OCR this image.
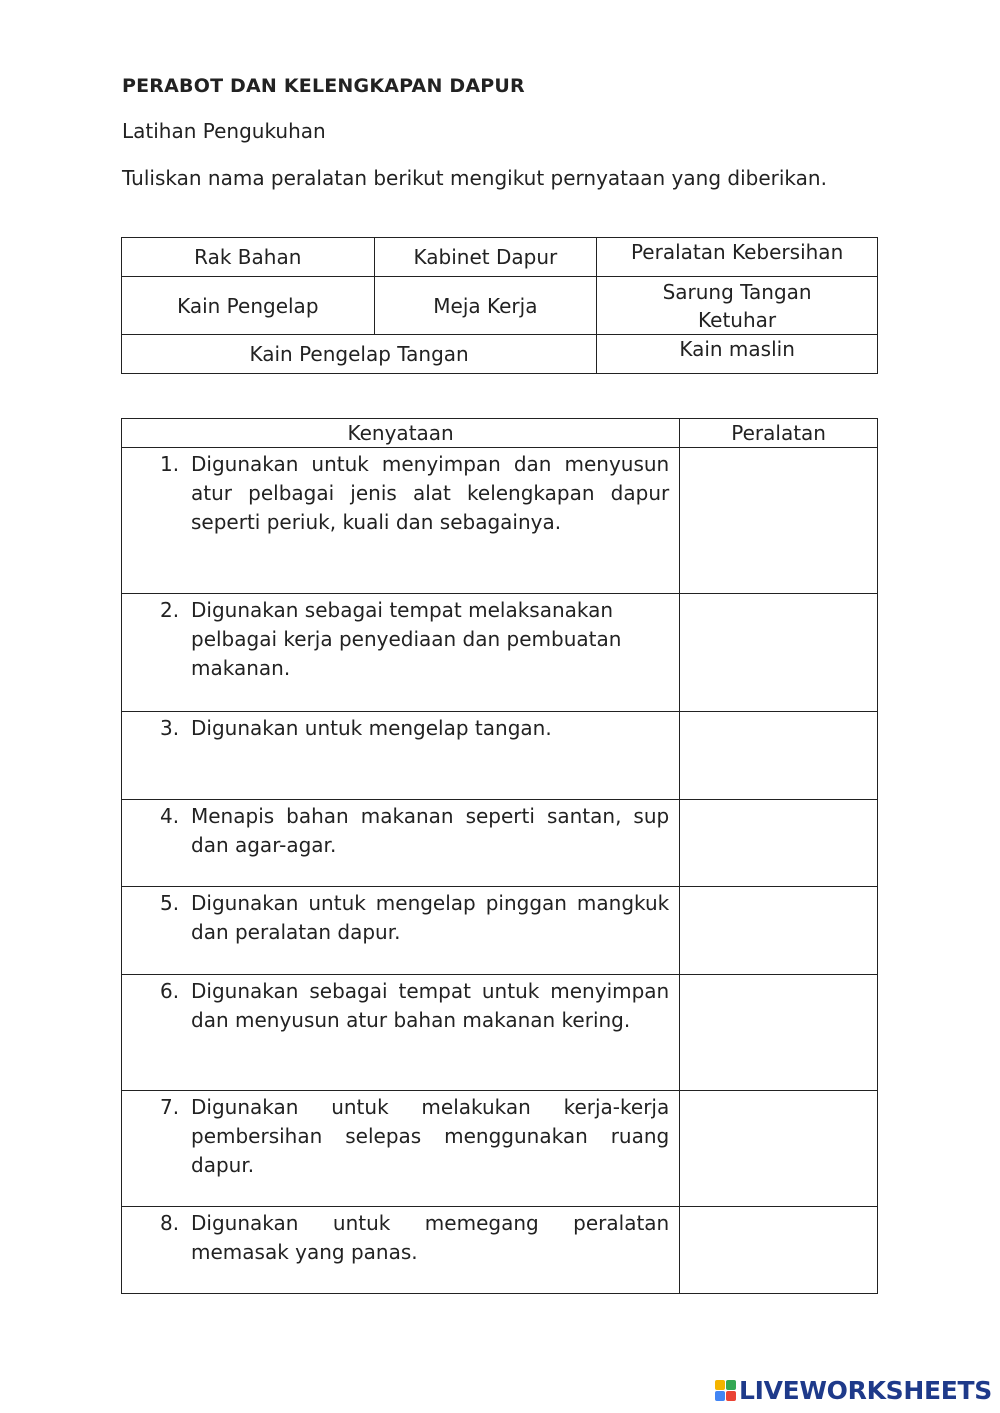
PERABOT DAN KELENGKAPAN DAPUR
Latihan Pengukuhan
Tuliskan nama peralatan berikut mengikut pernyataan yang diberikan.
Rak Bahan	Kabinet Dapur	Peralatan Kebersihan
Kain Pengelap	Meja Kerja	Sarung Tangan Ketuhar

Kain Pengelap Tangan		Kain maslin
Kenyataan	Peralatan

1. Digunakan untuk menyimpan dan menyusun atur pelbagai jenis alat kelengkapan dapur seperti periuk, kuali dan sebagainya.	

2. Digunakan sebagai tempat melaksanakan pelbagai kerja penyediaan dan pembuatan makanan.	

3. Digunakan untuk mengelap tangan.	

4. Menapis bahan makanan seperti santan, sup dan agar-agar.	

5. Digunakan untuk mengelap pinggan mangkuk dan peralatan dapur.	

6. Digunakan sebagai tempat untuk menyimpan dan menyusun atur bahan makanan kering.	

7. Digunakan untuk melakukan kerja-kerja pembersihan selepas menggunakan ruang dapur.	

8. Digunakan untuk memegang peralatan memasak yang panas.	

LIVEWORKSHEETS
